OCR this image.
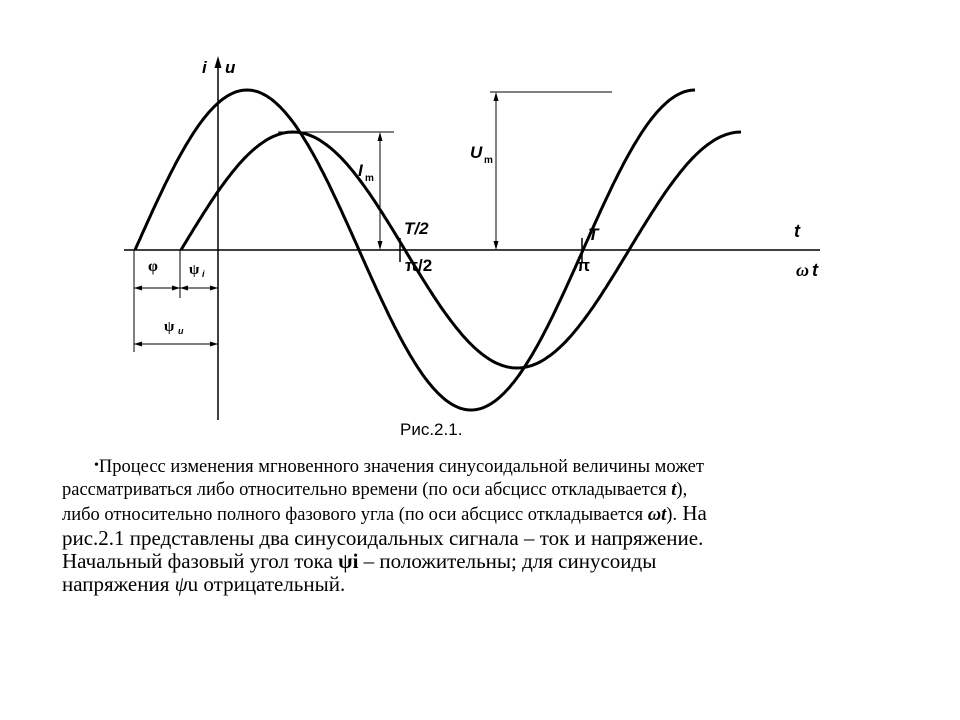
i u
t
ω t
I m
U m
T/2
π/2
T
π
φ ψ i
ψ u
Рис.2.1.
•Процесс изменения мгновенного значения синусоидальной величины может
рассматриваться либо относительно времени (по оси абсцисс откладывается t),
либо относительно полного фазового угла (по оси абсцисс откладывается ωt). На
рис.2.1 представлены два синусоидальных сигнала – ток и напряжение.
Начальный фазовый угол тока ψi – положительны; для синусоиды
напряжения ψu отрицательный.
